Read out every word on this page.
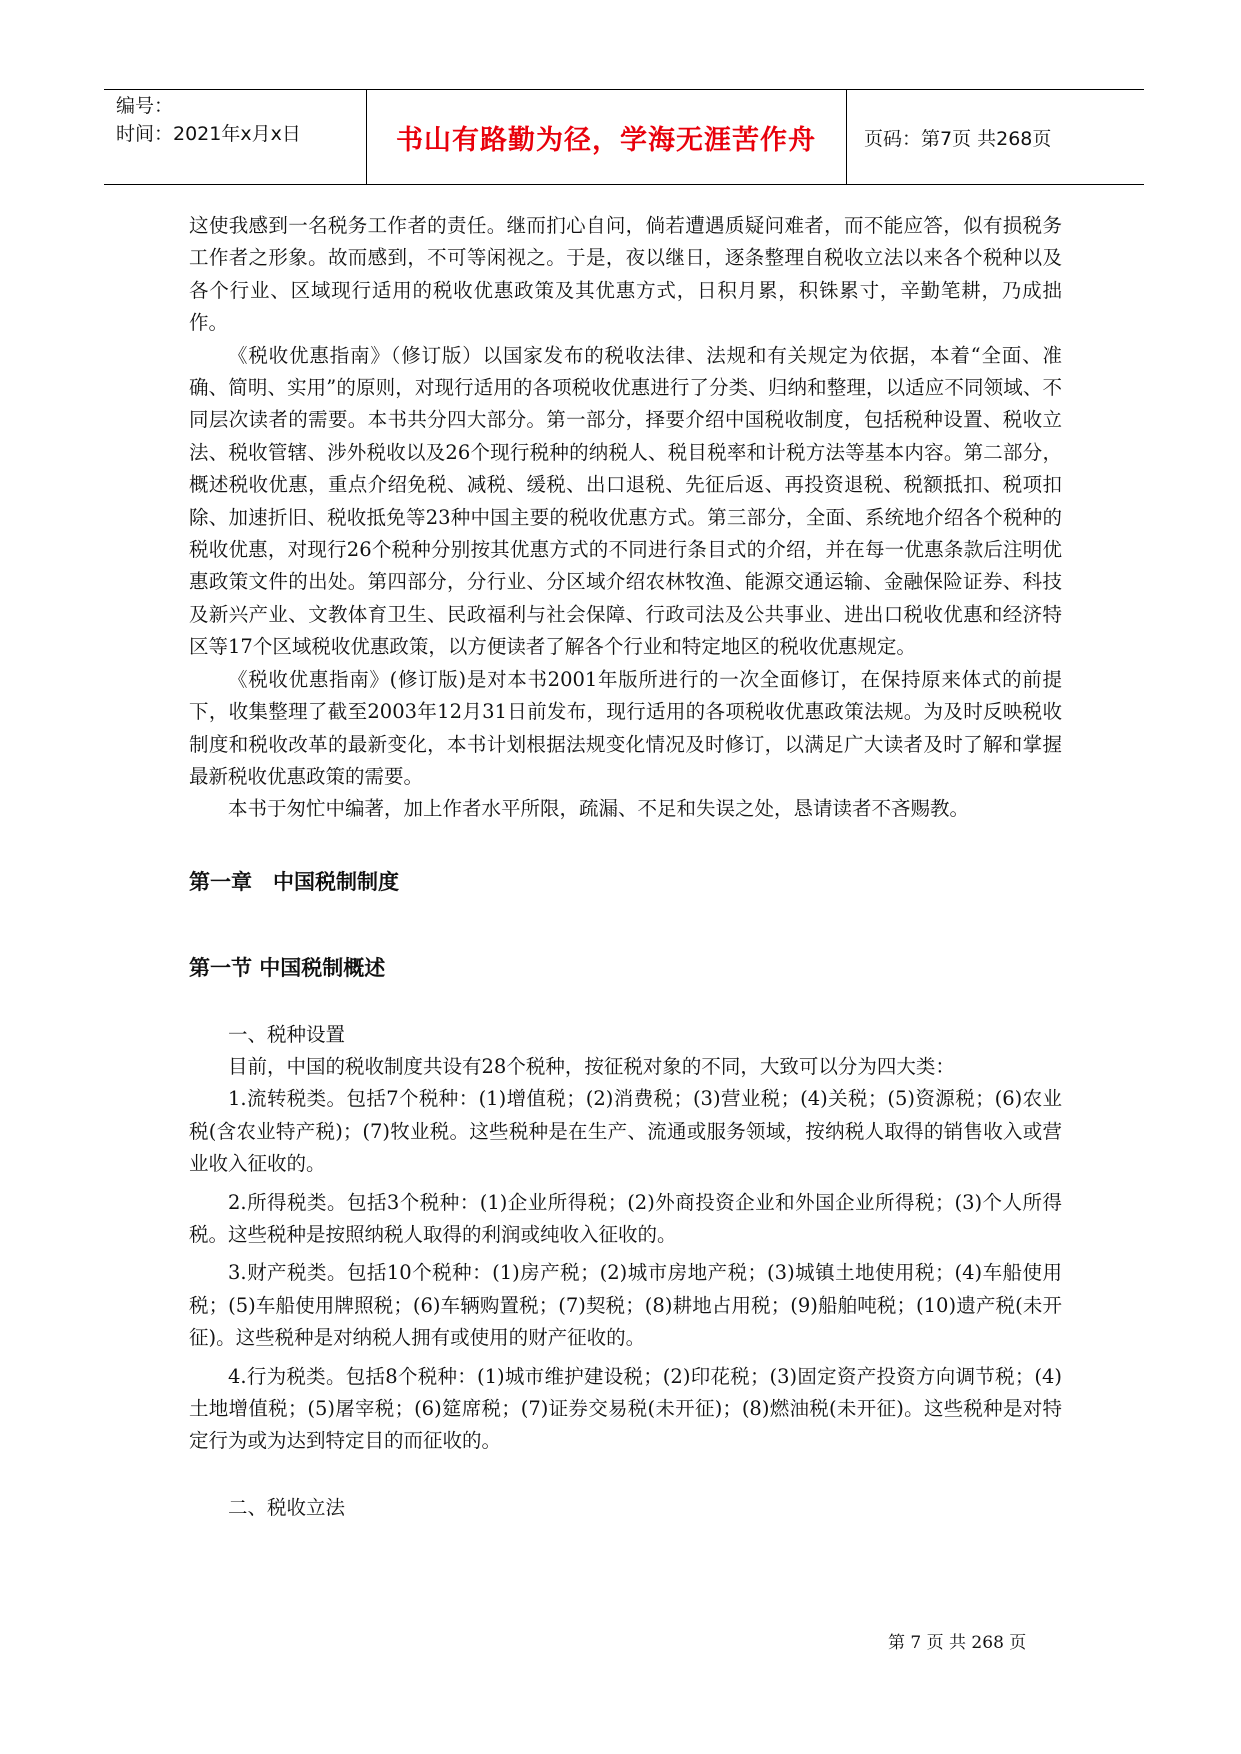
编号：
时间：2021年x月x日	书山有路勤为径，学海无涯苦作舟	页码：第7页 共268页

这使我感到一名税务工作者的责任。继而扪心自问，倘若遭遇质疑问难者，而不能应答，似有损税务工作者之形象。故而感到，不可等闲视之。于是，夜以继日，逐条整理自税收立法以来各个税种以及各个行业、区域现行适用的税收优惠政策及其优惠方式，日积月累，积铢累寸，辛勤笔耕，乃成拙作。

《税收优惠指南》（修订版）以国家发布的税收法律、法规和有关规定为依据，本着“全面、准确、简明、实用”的原则，对现行适用的各项税收优惠进行了分类、归纳和整理，以适应不同领域、不同层次读者的需要。本书共分四大部分。第一部分，择要介绍中国税收制度，包括税种设置、税收立法、税收管辖、涉外税收以及26个现行税种的纳税人、税目税率和计税方法等基本内容。第二部分，概述税收优惠，重点介绍免税、减税、缓税、出口退税、先征后返、再投资退税、税额抵扣、税项扣除、加速折旧、税收抵免等23种中国主要的税收优惠方式。第三部分，全面、系统地介绍各个税种的税收优惠，对现行26个税种分别按其优惠方式的不同进行条目式的介绍，并在每一优惠条款后注明优惠政策文件的出处。第四部分，分行业、分区域介绍农林牧渔、能源交通运输、金融保险证券、科技及新兴产业、文教体育卫生、民政福利与社会保障、行政司法及公共事业、进出口税收优惠和经济特区等17个区域税收优惠政策，以方便读者了解各个行业和特定地区的税收优惠规定。

《税收优惠指南》(修订版)是对本书2001年版所进行的一次全面修订，在保持原来体式的前提下，收集整理了截至2003年12月31日前发布，现行适用的各项税收优惠政策法规。为及时反映税收制度和税收改革的最新变化，本书计划根据法规变化情况及时修订，以满足广大读者及时了解和掌握最新税收优惠政策的需要。

本书于匆忙中编著，加上作者水平所限，疏漏、不足和失误之处，恳请读者不吝赐教。

第一章　中国税制制度

第一节 中国税制概述

一、税种设置

目前，中国的税收制度共设有28个税种，按征税对象的不同，大致可以分为四大类：

1.流转税类。包括7个税种：(1)增值税；(2)消费税；(3)营业税；(4)关税；(5)资源税；(6)农业税(含农业特产税)；(7)牧业税。这些税种是在生产、流通或服务领域，按纳税人取得的销售收入或营业收入征收的。

2.所得税类。包括3个税种：(1)企业所得税；(2)外商投资企业和外国企业所得税；(3)个人所得税。这些税种是按照纳税人取得的利润或纯收入征收的。

3.财产税类。包括10个税种：(1)房产税；(2)城市房地产税；(3)城镇土地使用税；(4)车船使用税；(5)车船使用牌照税；(6)车辆购置税；(7)契税；(8)耕地占用税；(9)船舶吨税；(10)遗产税(未开征)。这些税种是对纳税人拥有或使用的财产征收的。

4.行为税类。包括8个税种：(1)城市维护建设税；(2)印花税；(3)固定资产投资方向调节税；(4)土地增值税；(5)屠宰税；(6)筵席税；(7)证券交易税(未开征)；(8)燃油税(未开征)。这些税种是对特定行为或为达到特定目的而征收的。

二、税收立法

第 7 页 共 268 页
